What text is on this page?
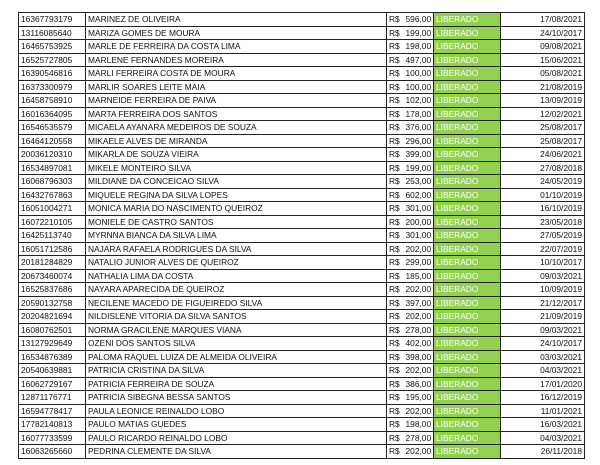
16367793179	MARINEZ DE OLIVEIRA	R$	596,00	LIBERADO	17/08/2021
13116085640	MARIZA GOMES DE MOURA	R$	199,00	LIBERADO	24/10/2017
16465753925	MARLE DE FERREIRA DA COSTA LIMA	R$	198,00	LIBERADO	09/08/2021
16525727805	MARLENE FERNANDES MOREIRA	R$	497,00	LIBERADO	15/06/2021
16390546816	MARLI FERREIRA COSTA DE MOURA	R$	100,00	LIBERADO	05/08/2021
16373300979	MARLIR SOARES LEITE MAIA	R$	100,00	LIBERADO	21/08/2019
16458758910	MARNEIDE FERREIRA DE PAIVA	R$	102,00	LIBERADO	13/09/2019
16016364095	MARTA FERREIRA DOS SANTOS	R$	178,00	LIBERADO	12/02/2021
16546535579	MICAELA AYANARA MEDEIROS DE SOUZA	R$	376,00	LIBERADO	25/08/2017
16464120558	MIKAELE ALVES DE MIRANDA	R$	296,00	LIBERADO	25/08/2017
20036120310	MIKARLA DE SOUZA VIEIRA	R$	399,00	LIBERADO	24/06/2021
16534897081	MIKELE MONTEIRO SILVA	R$	199,00	LIBERADO	27/08/2018
16068796303	MILDIANE DA CONCEICAO SILVA	R$	253,00	LIBERADO	24/05/2019
16432767863	MIQUELE REGINA DA SILVA LOPES	R$	602,00	LIBERADO	01/10/2019
16051004271	MONICA MARIA DO NASCIMENTO QUEIROZ	R$	301,00	LIBERADO	16/10/2019
16072210105	MONIELE DE CASTRO SANTOS	R$	200,00	LIBERADO	23/05/2018
16425113740	MYRNNA BIANCA DA SILVA LIMA	R$	301,00	LIBERADO	27/05/2019
16051712586	NAJARA RAFAELA RODRIGUES DA SILVA	R$	202,00	LIBERADO	22/07/2019
20181284829	NATALIO JUNIOR ALVES DE QUEIROZ	R$	299,00	LIBERADO	10/10/2017
20673460074	NATHALIA LIMA DA COSTA	R$	185,00	LIBERADO	09/03/2021
16525837686	NAYARA APARECIDA DE QUEIROZ	R$	202,00	LIBERADO	10/09/2019
20590132758	NECILENE MACEDO DE FIGUEIREDO SILVA	R$	397,00	LIBERADO	21/12/2017
20204821694	NILDISLENE VITORIA DA SILVA SANTOS	R$	202,00	LIBERADO	21/09/2019
16080762501	NORMA GRACILENE MARQUES VIANA	R$	278,00	LIBERADO	09/03/2021
13127929649	OZENI DOS SANTOS SILVA	R$	402,00	LIBERADO	24/10/2017
16534876389	PALOMA RAQUEL LUIZA DE ALMEIDA OLIVEIRA	R$	398,00	LIBERADO	03/03/2021
20540639881	PATRICIA CRISTINA DA SILVA	R$	202,00	LIBERADO	04/03/2021
16062729167	PATRICIA FERREIRA DE SOUZA	R$	386,00	LIBERADO	17/01/2020
12871176771	PATRICIA SIBEGNA BESSA SANTOS	R$	195,00	LIBERADO	16/12/2019
16594778417	PAULA LEONICE REINALDO LOBO	R$	202,00	LIBERADO	11/01/2021
17782140813	PAULO MATIAS GUEDES	R$	198,00	LIBERADO	16/03/2021
16077733599	PAULO RICARDO REINALDO LOBO	R$	278,00	LIBERADO	04/03/2021
16063265660	PEDRINA CLEMENTE DA SILVA	R$	202,00	LIBERADO	26/11/2018
